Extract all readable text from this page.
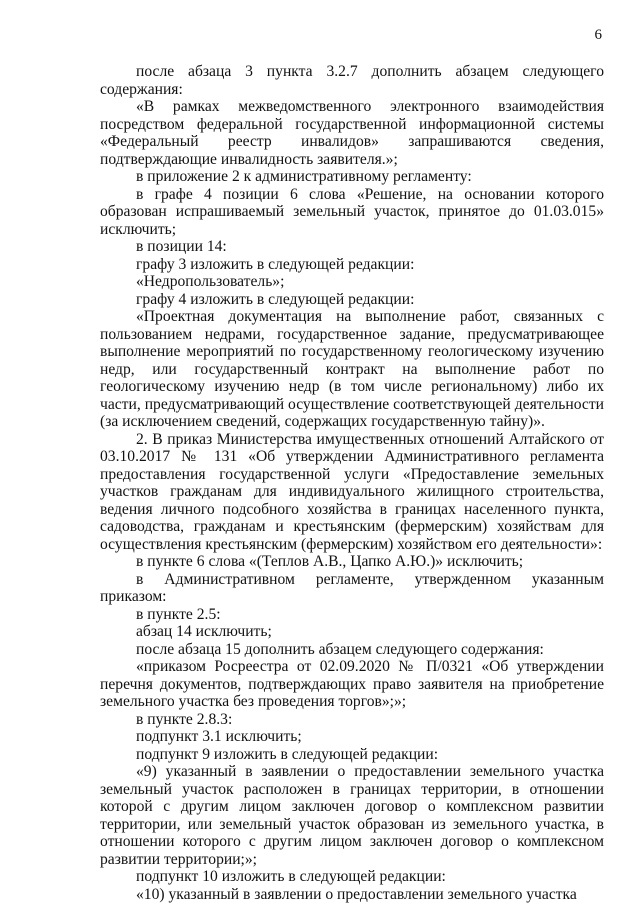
6

после абзаца 3 пункта 3.2.7 дополнить абзацем следующего содержания:

«В рамках межведомственного электронного взаимодействия посредством федеральной государственной информационной системы «Федеральный реестр инвалидов» запрашиваются сведения, подтверждающие инвалидность заявителя.»;

в приложение 2 к административному регламенту:

в графе 4 позиции 6 слова «Решение, на основании которого образован испрашиваемый земельный участок, принятое до 01.03.015» исключить;

в позиции 14:

графу 3 изложить в следующей редакции:

«Недропользователь»;

графу 4 изложить в следующей редакции:

«Проектная документация на выполнение работ, связанных с пользованием недрами, государственное задание, предусматривающее выполнение мероприятий по государственному геологическому изучению недр, или государственный контракт на выполнение работ по геологическому изучению недр (в том числе региональному) либо их части, предусматривающий осуществление соответствующей деятельности (за исключением сведений, содержащих государственную тайну)».

2. В приказ Министерства имущественных отношений Алтайского от 03.10.2017 № 131 «Об утверждении Административного регламента предоставления государственной услуги «Предоставление земельных участков гражданам для индивидуального жилищного строительства, ведения личного подсобного хозяйства в границах населенного пункта, садоводства, гражданам и крестьянским (фермерским) хозяйствам для осуществления крестьянским (фермерским) хозяйством его деятельности»:

в пункте 6 слова «(Теплов А.В., Цапко А.Ю.)» исключить;

в Административном регламенте, утвержденном указанным приказом:

в пункте 2.5:

абзац 14 исключить;

после абзаца 15 дополнить абзацем следующего содержания:

«приказом Росреестра от 02.09.2020 № П/0321 «Об утверждении перечня документов, подтверждающих право заявителя на приобретение земельного участка без проведения торгов»;»;

в пункте 2.8.3:

подпункт 3.1 исключить;

подпункт 9 изложить в следующей редакции:

«9) указанный в заявлении о предоставлении земельного участка земельный участок расположен в границах территории, в отношении которой с другим лицом заключен договор о комплексном развитии территории, или земельный участок образован из земельного участка, в отношении которого с другим лицом заключен договор о комплексном развитии территории;»;

подпункт 10 изложить в следующей редакции:

«10) указанный в заявлении о предоставлении земельного участка
